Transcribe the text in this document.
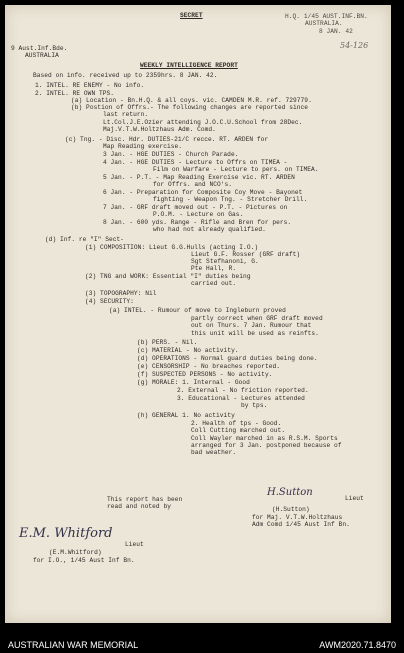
SECRET	H.Q. 1/45 AUST.INF.BN.
AUSTRALIA.
8 JAN. 42
54-126
9 Aust.Inf.Bde.
AUSTRALIA
WEEKLY INTELLIGENCE REPORT
Based on info. received up to 2359hrs. 8 JAN. 42.
1. INTEL. RE ENEMY - No info.
2. INTEL. RE OWN TPS.
(a) Location - Bn.H.Q. & all coys. vic. CAMDEN M.R. ref. 729779.
(b) Postion of Offrs.- The following changes are reported since
last return.
Lt.Col.J.E.Ozier attending J.O.C.U.School from 28Dec.
Maj.V.T.W.Holtzhaus Adm. Comd.
(c) Tng. - Disc. Hdr. DUTIES-21/C recce. RT. ARDEN for
Map Reading exercise.
3 Jan. - HGE DUTIES - Church Parade.
4 Jan. - HGE DUTIES - Lecture to Offrs on TIMEA -
Film on Warfare - Lecture to pers. on TIMEA.
5 Jan. - P.T. - Map Reading Exercise vic. RT. ARDEN
for Offrs. and NCO's.
6 Jan. - Preparation for Composite Coy Move - Bayonet
fighting - Weapon Tng. - Stretcher Drill.
7 Jan. - GRF draft moved out - P.T. - Pictures on
P.O.M. - Lecture on Gas.
8 Jan. - 600 yds. Range - Rifle and Bren for pers.
who had not already qualified.
(d) Inf. re "I" Sect-
(1) COMPOSITION: Lieut G.G.Hulls (acting I.O.)
Lieut G.F. Rosser (GRF draft)
Sgt Stefhanoni, G.
Pte Hall, R.
(2) TNG and WORK: Essential "I" duties being
carried out.
(3) TOPOGRAPHY: Nil
(4) SECURITY:
(a) INTEL. - Rumour of move to Ingleburn proved
partly correct when GRF draft moved
out on Thurs. 7 Jan. Rumour that
this unit will be used as reinfts.
(b) PERS. - Nil.
(c) MATERIAL - No activity.
(d) OPERATIONS - Normal guard duties being done.
(e) CENSORSHIP - No breaches reported.
(f) SUSPECTED PERSONS - No activity.
(g) MORALE: 1. Internal - Good
2. External - No friction reported.
3. Educational - Lectures attended
by tps.
(h) GENERAL 1. No activity
2. Health of tps - Good.
Coll Cutting marched out.
Coll Wayler marched in as R.S.M. Sports
arranged for 3 Jan. postponed because of
bad weather.
This report has been
read and noted by
H.Sutton
Lieut
(H.Sutton)
for Maj. V.T.W.Holtzhaus
Adm Comd 1/45 Aust Inf Bn.
E.M. Whitford
Lieut
(E.M.Whitford)
for I.O., 1/45 Aust Inf Bn.
AUSTRALIAN WAR MEMORIAL	AWM2020.71.8470
